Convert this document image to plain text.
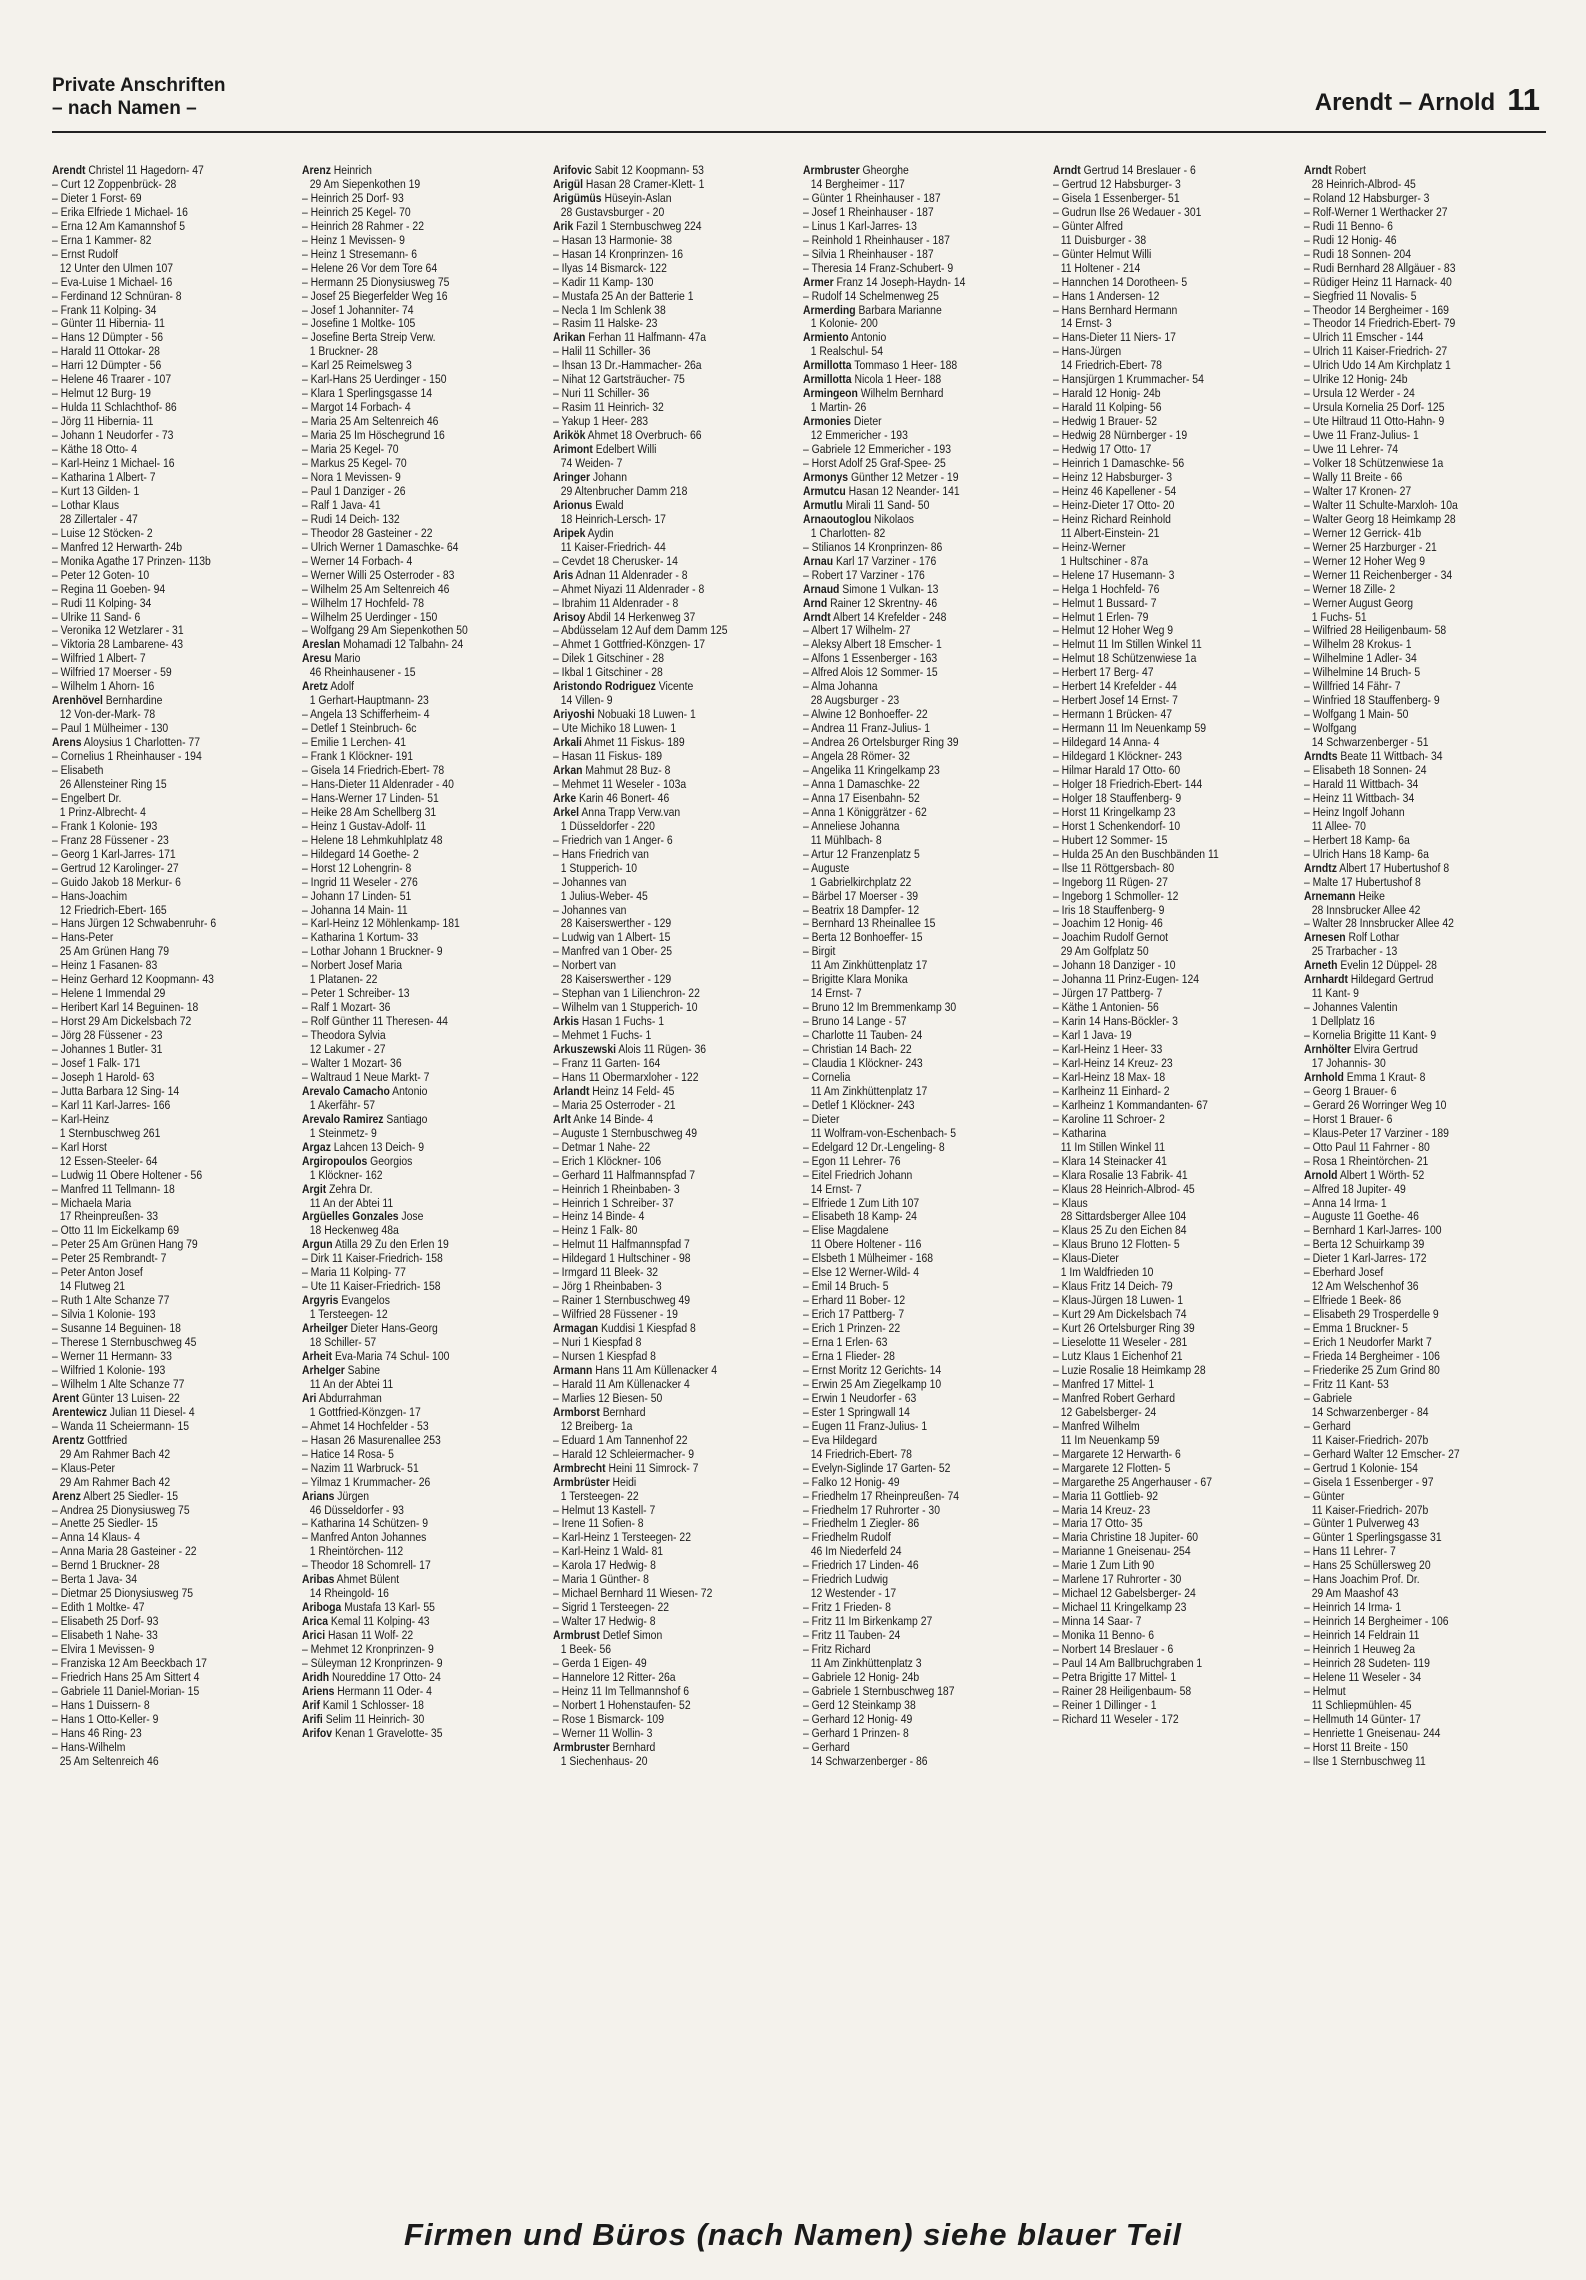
Private Anschriften
– nach Namen –	Arendt – Arnold 11
Arendt Christel 11 Hagedorn- 47
– Curt 12 Zoppenbrück- 28
– Dieter 1 Forst- 69
– Erika Elfriede 1 Michael- 16
– Erna 12 Am Kamannshof 5
– Erna 1 Kammer- 82
– Ernst Rudolf
12 Unter den Ulmen 107
– Eva-Luise 1 Michael- 16
– Ferdinand 12 Schnüran- 8
– Frank 11 Kolping- 34
– Günter 11 Hibernia- 11
– Hans 12 Dümpter - 56
– Harald 11 Ottokar- 28
– Harri 12 Dümpter - 56
– Helene 46 Traarer - 107
– Helmut 12 Burg- 19
– Hulda 11 Schlachthof- 86
– Jörg 11 Hibernia- 11
– Johann 1 Neudorfer - 73
– Käthe 18 Otto- 4
– Karl-Heinz 1 Michael- 16
– Katharina 1 Albert- 7
– Kurt 13 Gilden- 1
– Lothar Klaus
28 Zillertaler - 47
– Luise 12 Stöcken- 2
– Manfred 12 Herwarth- 24b
– Monika Agathe 17 Prinzen- 113b
– Peter 12 Goten- 10
– Regina 11 Goeben- 94
– Rudi 11 Kolping- 34
– Ulrike 11 Sand- 6
– Veronika 12 Wetzlarer - 31
– Viktoria 28 Lambarene- 43
– Wilfried 1 Albert- 7
– Wilfried 17 Moerser - 59
– Wilhelm 1 Ahorn- 16
Arenhövel Bernhardine
12 Von-der-Mark- 78
– Paul 1 Mülheimer - 130
Arens Aloysius 1 Charlotten- 77
– Cornelius 1 Rheinhauser - 194
– Elisabeth
26 Allensteiner Ring 15
– Engelbert Dr.
1 Prinz-Albrecht- 4
– Frank 1 Kolonie- 193
– Franz 28 Füssener - 23
– Georg 1 Karl-Jarres- 171
– Gertrud 12 Karolinger- 27
– Guido Jakob 18 Merkur- 6
– Hans-Joachim
12 Friedrich-Ebert- 165
– Hans Jürgen 12 Schwabenruhr- 6
– Hans-Peter
25 Am Grünen Hang 79
– Heinz 1 Fasanen- 83
– Heinz Gerhard 12 Koopmann- 43
– Helene 1 Immendal 29
– Heribert Karl 14 Beguinen- 18
– Horst 29 Am Dickelsbach 72
– Jörg 28 Füssener - 23
– Johannes 1 Butler- 31
– Josef 1 Falk- 171
– Joseph 1 Harold- 63
– Jutta Barbara 12 Sing- 14
– Karl 11 Karl-Jarres- 166
– Karl-Heinz
1 Sternbuschweg 261
– Karl Horst
12 Essen-Steeler- 64
– Ludwig 11 Obere Holtener - 56
– Manfred 11 Tellmann- 18
– Michaela Maria
17 Rheinpreußen- 33
– Otto 11 Im Eickelkamp 69
– Peter 25 Am Grünen Hang 79
– Peter 25 Rembrandt- 7
– Peter Anton Josef
14 Flutweg 21
– Ruth 1 Alte Schanze 77
– Silvia 1 Kolonie- 193
– Susanne 14 Beguinen- 18
– Therese 1 Sternbuschweg 45
– Werner 11 Hermann- 33
– Wilfried 1 Kolonie- 193
– Wilhelm 1 Alte Schanze 77
Arent Günter 13 Luisen- 22
Arentewicz Julian 11 Diesel- 4
– Wanda 11 Scheiermann- 15
Arentz Gottfried
29 Am Rahmer Bach 42
– Klaus-Peter
29 Am Rahmer Bach 42
Arenz Albert 25 Siedler- 15
– Andrea 25 Dionysiusweg 75
– Anette 25 Siedler- 15
– Anna 14 Klaus- 4
– Anna Maria 28 Gasteiner - 22
– Bernd 1 Bruckner- 28
– Berta 1 Java- 34
– Dietmar 25 Dionysiusweg 75
– Edith 1 Moltke- 47
– Elisabeth 25 Dorf- 93
– Elisabeth 1 Nahe- 33
– Elvira 1 Mevissen- 9
– Franziska 12 Am Beeckbach 17
– Friedrich Hans 25 Am Sittert 4
– Gabriele 11 Daniel-Morian- 15
– Hans 1 Duissern- 8
– Hans 1 Otto-Keller- 9
– Hans 46 Ring- 23
– Hans-Wilhelm
25 Am Seltenreich 46
Arenz Heinrich
29 Am Siepenkothen 19
– Heinrich 25 Dorf- 93
– Heinrich 25 Kegel- 70
– Heinrich 28 Rahmer - 22
– Heinz 1 Mevissen- 9
– Heinz 1 Stresemann- 6
– Helene 26 Vor dem Tore 64
– Hermann 25 Dionysiusweg 75
– Josef 25 Biegerfelder Weg 16
– Josef 1 Johanniter- 74
– Josefine 1 Moltke- 105
– Josefine Berta Streip Verw.
1 Bruckner- 28
– Karl 25 Reimelsweg 3
– Karl-Hans 25 Uerdinger - 150
– Klara 1 Sperlingsgasse 14
– Margot 14 Forbach- 4
– Maria 25 Am Seltenreich 46
– Maria 25 Im Höschegrund 16
– Maria 25 Kegel- 70
– Markus 25 Kegel- 70
– Nora 1 Mevissen- 9
– Paul 1 Danziger - 26
– Ralf 1 Java- 41
– Rudi 14 Deich- 132
– Theodor 28 Gasteiner - 22
– Ulrich Werner 1 Damaschke- 64
– Werner 14 Forbach- 4
– Werner Willi 25 Osterroder - 83
– Wilhelm 25 Am Seltenreich 46
– Wilhelm 17 Hochfeld- 78
– Wilhelm 25 Uerdinger - 150
– Wolfgang 29 Am Siepenkothen 50
Areslan Mohamadi 12 Talbahn- 24
Aresu Mario
46 Rheinhausener - 15
Aretz Adolf
1 Gerhart-Hauptmann- 23
– Angela 13 Schifferheim- 4
– Detlef 1 Steinbruch- 6c
– Emilie 1 Lerchen- 41
– Frank 1 Klöckner- 191
– Gisela 14 Friedrich-Ebert- 78
– Hans-Dieter 11 Aldenrader - 40
– Hans-Werner 17 Linden- 51
– Heike 28 Am Schellberg 31
– Heinz 1 Gustav-Adolf- 11
– Helene 18 Lehmkuhlplatz 48
– Hildegard 14 Goethe- 2
– Horst 12 Lohengrin- 8
– Ingrid 11 Weseler - 276
– Johann 17 Linden- 51
– Johanna 14 Main- 11
– Karl-Heinz 12 Möhlenkamp- 181
– Katharina 1 Kortum- 33
– Lothar Johann 1 Bruckner- 9
– Norbert Josef Maria
1 Platanen- 22
– Peter 1 Schreiber- 13
– Ralf 1 Mozart- 36
– Rolf Günther 11 Theresen- 44
– Theodora Sylvia
12 Lakumer - 27
– Walter 1 Mozart- 36
– Waltraud 1 Neue Markt- 7
Arevalo Camacho Antonio
1 Akerfähr- 57
Arevalo Ramirez Santiago
1 Steinmetz- 9
Argaz Lahcen 13 Deich- 9
Argiropoulos Georgios
1 Klöckner- 162
Argit Zehra Dr.
11 An der Abtei 11
Argüelles Gonzales Jose
18 Heckenweg 48a
Argun Atilla 29 Zu den Erlen 19
– Dirk 11 Kaiser-Friedrich- 158
– Maria 11 Kolping- 77
– Ute 11 Kaiser-Friedrich- 158
Argyris Evangelos
1 Tersteegen- 12
Arheilger Dieter Hans-Georg
18 Schiller- 57
Arheit Eva-Maria 74 Schul- 100
Arhelger Sabine
11 An der Abtei 11
Ari Abdurrahman
1 Gottfried-Könzgen- 17
– Ahmet 14 Hochfelder - 53
– Hasan 26 Masurenallee 253
– Hatice 14 Rosa- 5
– Nazim 11 Warbruck- 51
– Yilmaz 1 Krummacher- 26
Arians Jürgen
46 Düsseldorfer - 93
– Katharina 14 Schützen- 9
– Manfred Anton Johannes
1 Rheintörchen- 112
– Theodor 18 Schomrell- 17
Aribas Ahmet Bülent
14 Rheingold- 16
Ariboga Mustafa 13 Karl- 55
Arica Kemal 11 Kolping- 43
Arici Hasan 11 Wolf- 22
– Mehmet 12 Kronprinzen- 9
– Süleyman 12 Kronprinzen- 9
Aridh Noureddine 17 Otto- 24
Ariens Hermann 11 Oder- 4
Arif Kamil 1 Schlosser- 18
Arifi Selim 11 Heinrich- 30
Arifov Kenan 1 Gravelotte- 35
Arifovic Sabit 12 Koopmann- 53
Arigül Hasan 28 Cramer-Klett- 1
Arigümüs Hüseyin-Aslan
28 Gustavsburger - 20
Arik Fazil 1 Sternbuschweg 224
– Hasan 13 Harmonie- 38
– Hasan 14 Kronprinzen- 16
– Ilyas 14 Bismarck- 122
– Kadir 11 Kamp- 130
– Mustafa 25 An der Batterie 1
– Necla 1 Im Schlenk 38
– Rasim 11 Halske- 23
Arikan Ferhan 11 Halfmann- 47a
– Halil 11 Schiller- 36
– Ihsan 13 Dr.-Hammacher- 26a
– Nihat 12 Gartsträucher- 75
– Nuri 11 Schiller- 36
– Rasim 11 Heinrich- 32
– Yakup 1 Heer- 283
Arikök Ahmet 18 Overbruch- 66
Arimont Edelbert Willi
74 Weiden- 7
Aringer Johann
29 Altenbrucher Damm 218
Arionus Ewald
18 Heinrich-Lersch- 17
Aripek Aydin
11 Kaiser-Friedrich- 44
– Cevdet 18 Cherusker- 14
Aris Adnan 11 Aldenrader - 8
– Ahmet Niyazi 11 Aldenrader - 8
– Ibrahim 11 Aldenrader - 8
Arisoy Abdil 14 Herkenweg 37
– Abdüsselam 12 Auf dem Damm 125
– Ahmet 1 Gottfried-Könzgen- 17
– Dilek 1 Gitschiner - 28
– Ikbal 1 Gitschiner - 28
Aristondo Rodriguez Vicente
14 Villen- 9
Ariyoshi Nobuaki 18 Luwen- 1
– Ute Michiko 18 Luwen- 1
Arkali Ahmet 11 Fiskus- 189
– Hasan 11 Fiskus- 189
Arkan Mahmut 28 Buz- 8
– Mehmet 11 Weseler - 103a
Arke Karin 46 Bonert- 46
Arkel Anna Trapp Verw.van
1 Düsseldorfer - 220
– Friedrich van 1 Anger- 6
– Hans Friedrich van
1 Stupperich- 10
– Johannes van
1 Julius-Weber- 45
– Johannes van
28 Kaiserswerther - 129
– Ludwig van 1 Albert- 15
– Manfred van 1 Ober- 25
– Norbert van
28 Kaiserswerther - 129
– Stephan van 1 Lilienchron- 22
– Wilhelm van 1 Stupperich- 10
Arkis Hasan 1 Fuchs- 1
– Mehmet 1 Fuchs- 1
Arkuszewski Alois 11 Rügen- 36
– Franz 11 Garten- 164
– Hans 11 Obermarxloher - 122
Arlandt Heinz 14 Feld- 45
– Maria 25 Osterroder - 21
Arlt Anke 14 Binde- 4
– Auguste 1 Sternbuschweg 49
– Detmar 1 Nahe- 22
– Erich 1 Klöckner- 106
– Gerhard 11 Halfmannspfad 7
– Heinrich 1 Rheinbaben- 3
– Heinrich 1 Schreiber- 37
– Heinz 14 Binde- 4
– Heinz 1 Falk- 80
– Helmut 11 Halfmannspfad 7
– Hildegard 1 Hultschiner - 98
– Irmgard 11 Bleek- 32
– Jörg 1 Rheinbaben- 3
– Rainer 1 Sternbuschweg 49
– Wilfried 28 Füssener - 19
Armagan Kuddisi 1 Kiespfad 8
– Nuri 1 Kiespfad 8
– Nursen 1 Kiespfad 8
Armann Hans 11 Am Küllenacker 4
– Harald 11 Am Küllenacker 4
– Marlies 12 Biesen- 50
Armborst Bernhard
12 Breiberg- 1a
– Eduard 1 Am Tannenhof 22
– Harald 12 Schleiermacher- 9
Armbrecht Heini 11 Simrock- 7
Armbrüster Heidi
1 Tersteegen- 22
– Helmut 13 Kastell- 7
– Irene 11 Sofien- 8
– Karl-Heinz 1 Tersteegen- 22
– Karl-Heinz 1 Wald- 81
– Karola 17 Hedwig- 8
– Maria 1 Günther- 8
– Michael Bernhard 11 Wiesen- 72
– Sigrid 1 Tersteegen- 22
– Walter 17 Hedwig- 8
Armbrust Detlef Simon
1 Beek- 56
– Gerda 1 Eigen- 49
– Hannelore 12 Ritter- 26a
– Heinz 11 Im Tellmannshof 6
– Norbert 1 Hohenstaufen- 52
– Rose 1 Bismarck- 109
– Werner 11 Wollin- 3
Armbruster Bernhard
1 Siechenhaus- 20
Armbruster Gheorghe
14 Bergheimer - 117
– Günter 1 Rheinhauser - 187
– Josef 1 Rheinhauser - 187
– Linus 1 Karl-Jarres- 13
– Reinhold 1 Rheinhauser - 187
– Silvia 1 Rheinhauser - 187
– Theresia 14 Franz-Schubert- 9
Armer Franz 14 Joseph-Haydn- 14
– Rudolf 14 Schelmenweg 25
Armerding Barbara Marianne
1 Kolonie- 200
Armiento Antonio
1 Realschul- 54
Armillotta Tommaso 1 Heer- 188
Armillotta Nicola 1 Heer- 188
Armingeon Wilhelm Bernhard
1 Martin- 26
Armonies Dieter
12 Emmericher - 193
– Gabriele 12 Emmericher - 193
– Horst Adolf 25 Graf-Spee- 25
Armonys Günther 12 Metzer - 19
Armutcu Hasan 12 Neander- 141
Armutlu Mirali 11 Sand- 50
Arnaoutoglou Nikolaos
1 Charlotten- 82
– Stilianos 14 Kronprinzen- 86
Arnau Karl 17 Varziner - 176
– Robert 17 Varziner - 176
Arnaud Simone 1 Vulkan- 13
Arnd Rainer 12 Skrentny- 46
Arndt Albert 14 Krefelder - 248
– Albert 17 Wilhelm- 27
– Aleksy Albert 18 Emscher- 1
– Alfons 1 Essenberger - 163
– Alfred Alois 12 Sommer- 15
– Alma Johanna
28 Augsburger - 23
– Alwine 12 Bonhoeffer- 22
– Andrea 11 Franz-Julius- 1
– Andrea 26 Ortelsburger Ring 39
– Angela 28 Römer- 32
– Angelika 11 Kringelkamp 23
– Anna 1 Damaschke- 22
– Anna 17 Eisenbahn- 52
– Anna 1 Königgrätzer - 62
– Anneliese Johanna
11 Mühlbach- 8
– Artur 12 Franzenplatz 5
– Auguste
1 Gabrielkirchplatz 22
– Bärbel 17 Moerser - 39
– Beatrix 18 Dampfer- 12
– Bernhard 13 Rheinallee 15
– Berta 12 Bonhoeffer- 15
– Birgit
11 Am Zinkhüttenplatz 17
– Brigitte Klara Monika
14 Ernst- 7
– Bruno 12 Im Bremmenkamp 30
– Bruno 14 Lange - 57
– Charlotte 11 Tauben- 24
– Christian 14 Bach- 22
– Claudia 1 Klöckner- 243
– Cornelia
11 Am Zinkhüttenplatz 17
– Detlef 1 Klöckner- 243
– Dieter
11 Wolfram-von-Eschenbach- 5
– Edelgard 12 Dr.-Lengeling- 8
– Egon 11 Lehrer- 76
– Eitel Friedrich Johann
14 Ernst- 7
– Elfriede 1 Zum Lith 107
– Elisabeth 18 Kamp- 24
– Elise Magdalene
11 Obere Holtener - 116
– Elsbeth 1 Mülheimer - 168
– Else 12 Werner-Wild- 4
– Emil 14 Bruch- 5
– Erhard 11 Bober- 12
– Erich 17 Pattberg- 7
– Erich 1 Prinzen- 22
– Erna 1 Erlen- 63
– Erna 1 Flieder- 28
– Ernst Moritz 12 Gerichts- 14
– Erwin 25 Am Ziegelkamp 10
– Erwin 1 Neudorfer - 63
– Ester 1 Springwall 14
– Eugen 11 Franz-Julius- 1
– Eva Hildegard
14 Friedrich-Ebert- 78
– Evelyn-Siglinde 17 Garten- 52
– Falko 12 Honig- 49
– Friedhelm 17 Rheinpreußen- 74
– Friedhelm 17 Ruhrorter - 30
– Friedhelm 1 Ziegler- 86
– Friedhelm Rudolf
46 Im Niederfeld 24
– Friedrich 17 Linden- 46
– Friedrich Ludwig
12 Westender - 17
– Fritz 1 Frieden- 8
– Fritz 11 Im Birkenkamp 27
– Fritz 11 Tauben- 24
– Fritz Richard
11 Am Zinkhüttenplatz 3
– Gabriele 12 Honig- 24b
– Gabriele 1 Sternbuschweg 187
– Gerd 12 Steinkamp 38
– Gerhard 12 Honig- 49
– Gerhard 1 Prinzen- 8
– Gerhard
14 Schwarzenberger - 86
Arndt Gertrud 14 Breslauer - 6
– Gertrud 12 Habsburger- 3
– Gisela 1 Essenberger- 51
– Gudrun Ilse 26 Wedauer - 301
– Günter Alfred
11 Duisburger - 38
– Günter Helmut Willi
11 Holtener - 214
– Hannchen 14 Dorotheen- 5
– Hans 1 Andersen- 12
– Hans Bernhard Hermann
14 Ernst- 3
– Hans-Dieter 11 Niers- 17
– Hans-Jürgen
14 Friedrich-Ebert- 78
– Hansjürgen 1 Krummacher- 54
– Harald 12 Honig- 24b
– Harald 11 Kolping- 56
– Hedwig 1 Brauer- 52
– Hedwig 28 Nürnberger - 19
– Hedwig 17 Otto- 17
– Heinrich 1 Damaschke- 56
– Heinz 12 Habsburger- 3
– Heinz 46 Kapellener - 54
– Heinz-Dieter 17 Otto- 20
– Heinz Richard Reinhold
11 Albert-Einstein- 21
– Heinz-Werner
1 Hultschiner - 87a
– Helene 17 Husemann- 3
– Helga 1 Hochfeld- 76
– Helmut 1 Bussard- 7
– Helmut 1 Erlen- 79
– Helmut 12 Hoher Weg 9
– Helmut 11 Im Stillen Winkel 11
– Helmut 18 Schützenwiese 1a
– Herbert 17 Berg- 47
– Herbert 14 Krefelder - 44
– Herbert Josef 14 Ernst- 7
– Hermann 1 Brücken- 47
– Hermann 11 Im Neuenkamp 59
– Hildegard 14 Anna- 4
– Hildegard 1 Klöckner- 243
– Hilmar Harald 17 Otto- 60
– Holger 18 Friedrich-Ebert- 144
– Holger 18 Stauffenberg- 9
– Horst 11 Kringelkamp 23
– Horst 1 Schenkendorf- 10
– Hubert 12 Sommer- 15
– Hulda 25 An den Buschbänden 11
– Ilse 11 Röttgersbach- 80
– Ingeborg 11 Rügen- 27
– Ingeborg 1 Schmoller- 12
– Iris 18 Stauffenberg- 9
– Joachim 12 Honig- 46
– Joachim Rudolf Gernot
29 Am Golfplatz 50
– Johann 18 Danziger - 10
– Johanna 11 Prinz-Eugen- 124
– Jürgen 17 Pattberg- 7
– Käthe 1 Antonien- 56
– Karin 14 Hans-Böckler- 3
– Karl 1 Java- 19
– Karl-Heinz 1 Heer- 33
– Karl-Heinz 14 Kreuz- 23
– Karl-Heinz 18 Max- 18
– Karlheinz 11 Einhard- 2
– Karlheinz 1 Kommandanten- 67
– Karoline 11 Schroer- 2
– Katharina
11 Im Stillen Winkel 11
– Klara 14 Steinacker 41
– Klara Rosalie 13 Fabrik- 41
– Klaus 28 Heinrich-Albrod- 45
– Klaus
28 Sittardsberger Allee 104
– Klaus 25 Zu den Eichen 84
– Klaus Bruno 12 Flotten- 5
– Klaus-Dieter
1 Im Waldfrieden 10
– Klaus Fritz 14 Deich- 79
– Klaus-Jürgen 18 Luwen- 1
– Kurt 29 Am Dickelsbach 74
– Kurt 26 Ortelsburger Ring 39
– Lieselotte 11 Weseler - 281
– Lutz Klaus 1 Eichenhof 21
– Luzie Rosalie 18 Heimkamp 28
– Manfred 17 Mittel- 1
– Manfred Robert Gerhard
12 Gabelsberger- 24
– Manfred Wilhelm
11 Im Neuenkamp 59
– Margarete 12 Herwarth- 6
– Margarete 12 Flotten- 5
– Margarethe 25 Angerhauser - 67
– Maria 11 Gottlieb- 92
– Maria 14 Kreuz- 23
– Maria 17 Otto- 35
– Maria Christine 18 Jupiter- 60
– Marianne 1 Gneisenau- 254
– Marie 1 Zum Lith 90
– Marlene 17 Ruhrorter - 30
– Michael 12 Gabelsberger- 24
– Michael 11 Kringelkamp 23
– Minna 14 Saar- 7
– Monika 11 Benno- 6
– Norbert 14 Breslauer - 6
– Paul 14 Am Ballbruchgraben 1
– Petra Brigitte 17 Mittel- 1
– Rainer 28 Heiligenbaum- 58
– Reiner 1 Dillinger - 1
– Richard 11 Weseler - 172
Arndt Robert
28 Heinrich-Albrod- 45
– Roland 12 Habsburger- 3
– Rolf-Werner 1 Werthacker 27
– Rudi 11 Benno- 6
– Rudi 12 Honig- 46
– Rudi 18 Sonnen- 204
– Rudi Bernhard 28 Allgäuer - 83
– Rüdiger Heinz 11 Harnack- 40
– Siegfried 11 Novalis- 5
– Theodor 14 Bergheimer - 169
– Theodor 14 Friedrich-Ebert- 79
– Ulrich 11 Emscher - 144
– Ulrich 11 Kaiser-Friedrich- 27
– Ulrich Udo 14 Am Kirchplatz 1
– Ulrike 12 Honig- 24b
– Ursula 12 Werder - 24
– Ursula Kornelia 25 Dorf- 125
– Ute Hiltraud 11 Otto-Hahn- 9
– Uwe 11 Franz-Julius- 1
– Uwe 11 Lehrer- 74
– Volker 18 Schützenwiese 1a
– Wally 11 Breite - 66
– Walter 17 Kronen- 27
– Walter 11 Schulte-Marxloh- 10a
– Walter Georg 18 Heimkamp 28
– Werner 12 Gerrick- 41b
– Werner 25 Harzburger - 21
– Werner 12 Hoher Weg 9
– Werner 11 Reichenberger - 34
– Werner 18 Zille- 2
– Werner August Georg
1 Fuchs- 51
– Wilfried 28 Heiligenbaum- 58
– Wilhelm 28 Krokus- 1
– Wilhelmine 1 Adler- 34
– Wilhelmine 14 Bruch- 5
– Willfried 14 Fähr- 7
– Winfried 18 Stauffenberg- 9
– Wolfgang 1 Main- 50
– Wolfgang
14 Schwarzenberger - 51
Arndts Beate 11 Wittbach- 34
– Elisabeth 18 Sonnen- 24
– Harald 11 Wittbach- 34
– Heinz 11 Wittbach- 34
– Heinz Ingolf Johann
11 Allee- 70
– Herbert 18 Kamp- 6a
– Ulrich Hans 18 Kamp- 6a
Arndtz Albert 17 Hubertushof 8
– Malte 17 Hubertushof 8
Arnemann Heike
28 Innsbrucker Allee 42
– Walter 28 Innsbrucker Allee 42
Arnesen Rolf Lothar
25 Trarbacher - 13
Arneth Evelin 12 Düppel- 28
Arnhardt Hildegard Gertrud
11 Kant- 9
– Johannes Valentin
1 Dellplatz 16
– Kornelia Brigitte 11 Kant- 9
Arnhölter Elvira Gertrud
17 Johannis- 30
Arnhold Emma 1 Kraut- 8
– Georg 1 Brauer- 6
– Gerard 26 Worringer Weg 10
– Horst 1 Brauer- 6
– Klaus-Peter 17 Varziner - 189
– Otto Paul 11 Fahrner - 80
– Rosa 1 Rheintörchen- 21
Arnold Albert 1 Wörth- 52
– Alfred 18 Jupiter- 49
– Anna 14 Irma- 1
– Auguste 11 Goethe- 46
– Bernhard 1 Karl-Jarres- 100
– Berta 12 Schuirkamp 39
– Dieter 1 Karl-Jarres- 172
– Eberhard Josef
12 Am Welschenhof 36
– Elfriede 1 Beek- 86
– Elisabeth 29 Trosperdelle 9
– Emma 1 Bruckner- 5
– Erich 1 Neudorfer Markt 7
– Frieda 14 Bergheimer - 106
– Friederike 25 Zum Grind 80
– Fritz 11 Kant- 53
– Gabriele
14 Schwarzenberger - 84
– Gerhard
11 Kaiser-Friedrich- 207b
– Gerhard Walter 12 Emscher- 27
– Gertrud 1 Kolonie- 154
– Gisela 1 Essenberger - 97
– Günter
11 Kaiser-Friedrich- 207b
– Günter 1 Pulverweg 43
– Günter 1 Sperlingsgasse 31
– Hans 11 Lehrer- 7
– Hans 25 Schüllersweg 20
– Hans Joachim Prof. Dr.
29 Am Maashof 43
– Heinrich 14 Irma- 1
– Heinrich 14 Bergheimer - 106
– Heinrich 14 Feldrain 11
– Heinrich 1 Heuweg 2a
– Heinrich 28 Sudeten- 119
– Helene 11 Weseler - 34
– Helmut
11 Schliepmühlen- 45
– Hellmuth 14 Günter- 17
– Henriette 1 Gneisenau- 244
– Horst 11 Breite - 150
– Ilse 1 Sternbuschweg 11
Firmen und Büros (nach Namen) siehe blauer Teil
